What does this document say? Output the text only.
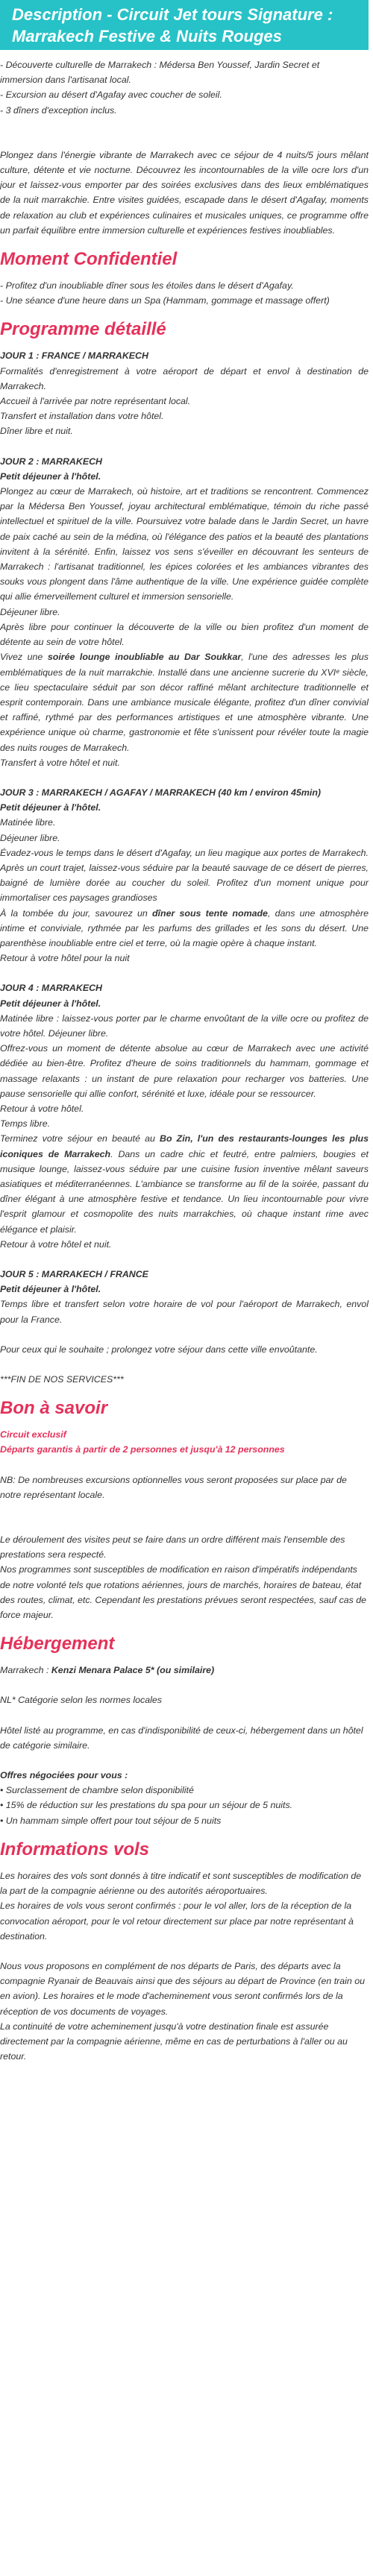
Description - Circuit Jet tours Signature :
Marrakech Festive & Nuits Rouges

- Découverte culturelle de Marrakech : Médersa Ben Youssef, Jardin Secret et

immersion dans l'artisanat local.

- Excursion au désert d'Agafay avec coucher de soleil.

- 3 dîners d'exception inclus.

Plongez dans l'énergie vibrante de Marrakech avec ce séjour de 4 nuits/5 jours mêlant culture, détente et vie nocturne. Découvrez les incontournables de la ville ocre lors d'un jour et laissez-vous emporter par des soirées exclusives dans des lieux emblématiques de la nuit marrakchie. Entre visites guidées, escapade dans le désert d'Agafay, moments de relaxation au club et expériences culinaires et musicales uniques, ce programme offre un parfait équilibre entre immersion culturelle et expériences festives inoubliables.

Moment Confidentiel

- Profitez d'un inoubliable dîner sous les étoiles dans le désert d'Agafay.

- Une séance d'une heure dans un Spa (Hammam, gommage et massage offert)

Programme détaillé

JOUR 1 : FRANCE / MARRAKECH

Formalités d'enregistrement à votre aéroport de départ et envol à destination de Marrakech.

Accueil à l'arrivée par notre représentant local.

Transfert et installation dans votre hôtel.

Dîner libre et nuit.

JOUR 2 : MARRAKECH

Petit déjeuner à l'hôtel.

Plongez au cœur de Marrakech, où histoire, art et traditions se rencontrent. Commencez par la Médersa Ben Youssef, joyau architectural emblématique, témoin du riche passé intellectuel et spirituel de la ville. Poursuivez votre balade dans le Jardin Secret, un havre de paix caché au sein de la médina, où l'élégance des patios et la beauté des plantations invitent à la sérénité. Enfin, laissez vos sens s'éveiller en découvrant les senteurs de Marrakech : l'artisanat traditionnel, les épices colorées et les ambiances vibrantes des souks vous plongent dans l'âme authentique de la ville. Une expérience guidée complète qui allie émerveillement culturel et immersion sensorielle.

Déjeuner libre.

Après libre pour continuer la découverte de la ville ou bien profitez d'un moment de détente au sein de votre hôtel.

Vivez une soirée lounge inoubliable au Dar Soukkar, l'une des adresses les plus emblématiques de la nuit marrakchie. Installé dans une ancienne sucrerie du XVIᵉ siècle, ce lieu spectaculaire séduit par son décor raffiné mêlant architecture traditionnelle et esprit contemporain. Dans une ambiance musicale élégante, profitez d'un dîner convivial et raffiné, rythmé par des performances artistiques et une atmosphère vibrante. Une expérience unique où charme, gastronomie et fête s'unissent pour révéler toute la magie des nuits rouges de Marrakech.

Transfert à votre hôtel et nuit.

JOUR 3 : MARRAKECH / AGAFAY / MARRAKECH (40 km / environ 45min)

Petit déjeuner à l'hôtel.

Matinée libre.

Déjeuner libre.

Évadez-vous le temps dans le désert d'Agafay, un lieu magique aux portes de Marrakech. Après un court trajet, laissez-vous séduire par la beauté sauvage de ce désert de pierres, baigné de lumière dorée au coucher du soleil. Profitez d'un moment unique pour immortaliser ces paysages grandioses

À la tombée du jour, savourez un dîner sous tente nomade, dans une atmosphère intime et conviviale, rythmée par les parfums des grillades et les sons du désert. Une parenthèse inoubliable entre ciel et terre, où la magie opère à chaque instant.

Retour à votre hôtel pour la nuit

JOUR 4 : MARRAKECH

Petit déjeuner à l'hôtel.

Matinée libre : laissez-vous porter par le charme envoûtant de la ville ocre ou profitez de votre hôtel. Déjeuner libre.

Offrez-vous un moment de détente absolue au cœur de Marrakech avec une activité dédiée au bien-être. Profitez d'heure de soins traditionnels du hammam, gommage et massage relaxants : un instant de pure relaxation pour recharger vos batteries. Une pause sensorielle qui allie confort, sérénité et luxe, idéale pour se ressourcer.

Retour à votre hôtel.

Temps libre.

Terminez votre séjour en beauté au Bo Zin, l'un des restaurants-lounges les plus iconiques de Marrakech. Dans un cadre chic et feutré, entre palmiers, bougies et musique lounge, laissez-vous séduire par une cuisine fusion inventive mêlant saveurs asiatiques et méditerranéennes. L'ambiance se transforme au fil de la soirée, passant du dîner élégant à une atmosphère festive et tendance. Un lieu incontournable pour vivre l'esprit glamour et cosmopolite des nuits marrakchies, où chaque instant rime avec élégance et plaisir.

Retour à votre hôtel et nuit.

JOUR 5 : MARRAKECH / FRANCE

Petit déjeuner à l'hôtel.

Temps libre et transfert selon votre horaire de vol pour l'aéroport de Marrakech, envol pour la France.

Pour ceux qui le souhaite ; prolongez votre séjour dans cette ville envoûtante.

***FIN DE NOS SERVICES***

Bon à savoir

Circuit exclusif

Départs garantis à partir de 2 personnes et jusqu'à 12 personnes

NB: De nombreuses excursions optionnelles vous seront proposées sur place par de notre représentant locale.

Le déroulement des visites peut se faire dans un ordre différent mais l'ensemble des prestations sera respecté.

Nos programmes sont susceptibles de modification en raison d'impératifs indépendants de notre volonté tels que rotations aériennes, jours de marchés, horaires de bateau, état des routes, climat, etc. Cependant les prestations prévues seront respectées, sauf cas de force majeur.

Hébergement

Marrakech : Kenzi Menara Palace 5* (ou similaire)

NL* Catégorie selon les normes locales

Hôtel listé au programme, en cas d'indisponibilité de ceux-ci, hébergement dans un hôtel de catégorie similaire.

Offres négociées pour vous :

• Surclassement de chambre selon disponibilité

• 15% de réduction sur les prestations du spa pour un séjour de 5 nuits.

• Un hammam simple offert pour tout séjour de 5 nuits

Informations vols

Les horaires des vols sont donnés à titre indicatif et sont susceptibles de modification de la part de la compagnie aérienne ou des autorités aéroportuaires.

Les horaires de vols vous seront confirmés : pour le vol aller, lors de la réception de la convocation aéroport, pour le vol retour directement sur place par notre représentant à destination.

Nous vous proposons en complément de nos départs de Paris, des départs avec la compagnie Ryanair de Beauvais ainsi que des séjours au départ de Province (en train ou en avion). Les horaires et le mode d'acheminement vous seront confirmés lors de la réception de vos documents de voyages.

La continuité de votre acheminement jusqu'à votre destination finale est assurée directement par la compagnie aérienne, même en cas de perturbations à l'aller ou au retour.
